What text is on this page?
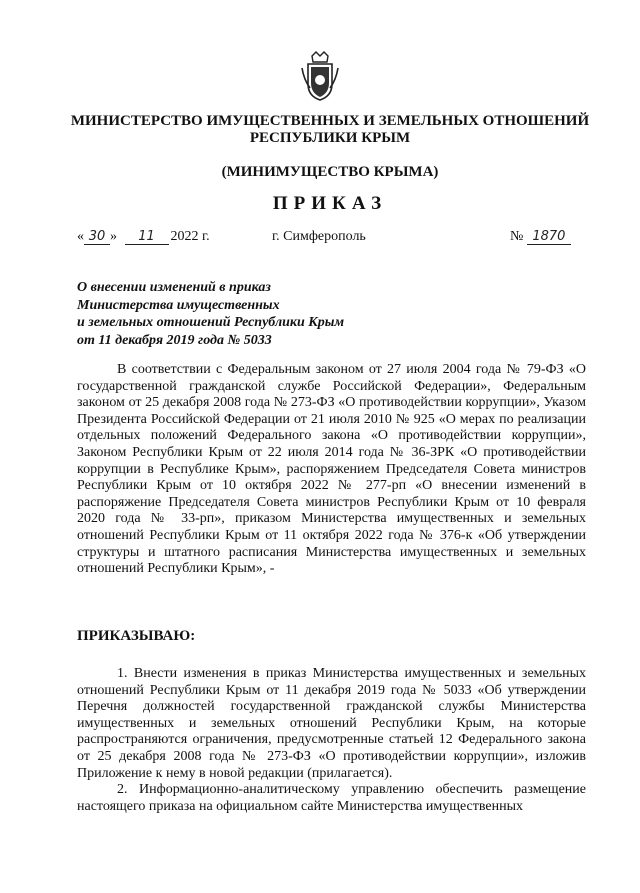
МИНИСТЕРСТВО ИМУЩЕСТВЕННЫХ И ЗЕМЕЛЬНЫХ ОТНОШЕНИЙ
РЕСПУБЛИКИ КРЫМ
(МИНИМУЩЕСТВО КРЫМА)
ПРИКАЗ
« 30 » 11 2022 г.	г. Симферополь	№ 1870
О внесении изменений в приказ
Министерства имущественных
и земельных отношений Республики Крым
от 11 декабря 2019 года № 5033

В соответствии с Федеральным законом от 27 июля 2004 года № 79-ФЗ «О государственной гражданской службе Российской Федерации», Федеральным законом от 25 декабря 2008 года № 273-ФЗ «О противодействии коррупции», Указом Президента Российской Федерации от 21 июля 2010 № 925 «О мерах по реализации отдельных положений Федерального закона «О противодействии коррупции», Законом Республики Крым от 22 июля 2014 года № 36-ЗРК «О противодействии коррупции в Республике Крым», распоряжением Председателя Совета министров Республики Крым от 10 октября 2022 № 277-рп «О внесении изменений в распоряжение Председателя Совета министров Республики Крым от 10 февраля 2020 года № 33-рп», приказом Министерства имущественных и земельных отношений Республики Крым от 11 октября 2022 года № 376-к «Об утверждении структуры и штатного расписания Министерства имущественных и земельных отношений Республики Крым», -

ПРИКАЗЫВАЮ:

1. Внести изменения в приказ Министерства имущественных и земельных отношений Республики Крым от 11 декабря 2019 года № 5033 «Об утверждении Перечня должностей государственной гражданской службы Министерства имущественных и земельных отношений Республики Крым, на которые распространяются ограничения, предусмотренные статьей 12 Федерального закона от 25 декабря 2008 года № 273-ФЗ «О противодействии коррупции», изложив Приложение к нему в новой редакции (прилагается).

2. Информационно-аналитическому управлению обеспечить размещение настоящего приказа на официальном сайте Министерства имущественных
